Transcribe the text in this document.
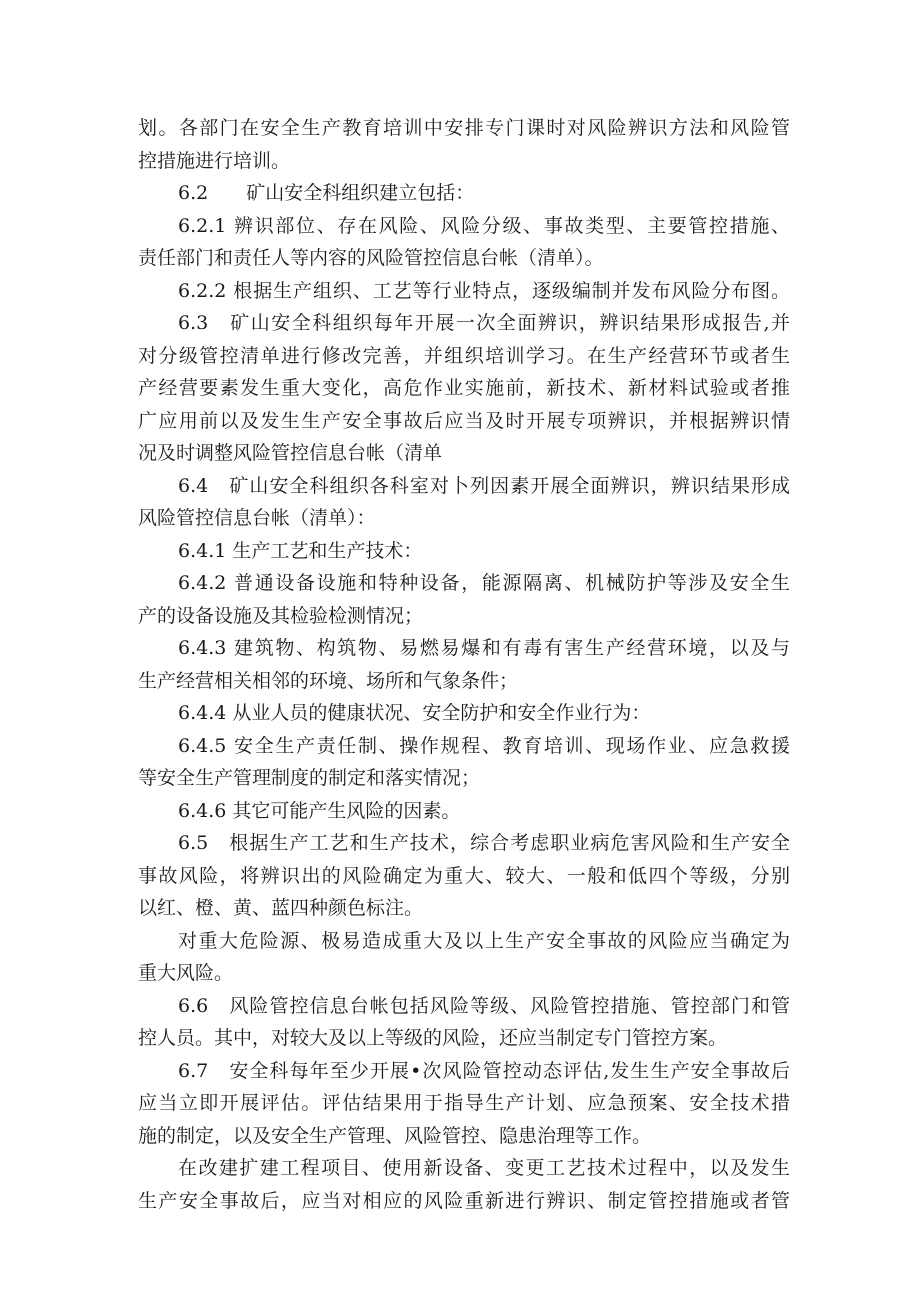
划。各部门在安全生产教育培训中安排专门课时对风险辨识方法和风险管
控措施进行培训。
6.2　　矿山安全科组织建立包括：
6.2.1 辨识部位、存在风险、风险分级、事故类型、主要管控措施、
责任部门和责任人等内容的风险管控信息台帐（清单）。
6.2.2 根据生产组织、工艺等行业特点，逐级编制并发布风险分布图。
6.3　矿山安全科组织每年开展一次全面辨识，辨识结果形成报告,并
对分级管控清单进行修改完善，并组织培训学习。在生产经营环节或者生
产经营要素发生重大变化，高危作业实施前，新技术、新材料试验或者推
广应用前以及发生生产安全事故后应当及时开展专项辨识，并根据辨识情
况及时调整风险管控信息台帐（清单
6.4　矿山安全科组织各科室对卜列因素开展全面辨识，辨识结果形成
风险管控信息台帐（清单）：
6.4.1 生产工艺和生产技术：
6.4.2 普通设备设施和特种设备，能源隔离、机械防护等涉及安全生
产的设备设施及其检验检测情况；
6.4.3 建筑物、构筑物、易燃易爆和有毒有害生产经营环境，以及与
生产经营相关相邻的环境、场所和气象条件；
6.4.4 从业人员的健康状况、安全防护和安全作业行为：
6.4.5 安全生产责任制、操作规程、教育培训、现场作业、应急救援
等安全生产管理制度的制定和落实情况；
6.4.6 其它可能产生风险的因素。
6.5　根据生产工艺和生产技术，综合考虑职业病危害风险和生产安全
事故风险，将辨识出的风险确定为重大、较大、一般和低四个等级，分别
以红、橙、黄、蓝四种颜色标注。
对重大危险源、极易造成重大及以上生产安全事故的风险应当确定为
重大风险。
6.6　风险管控信息台帐包括风险等级、风险管控措施、管控部门和管
控人员。其中，对较大及以上等级的风险，还应当制定专门管控方案。
6.7　安全科每年至少开展•次风险管控动态评估,发生生产安全事故后
应当立即开展评估。评估结果用于指导生产计划、应急预案、安全技术措
施的制定，以及安全生产管理、风险管控、隐患治理等工作。
在改建扩建工程项目、使用新设备、变更工艺技术过程中，以及发生
生产安全事故后，应当对相应的风险重新进行辨识、制定管控措施或者管
